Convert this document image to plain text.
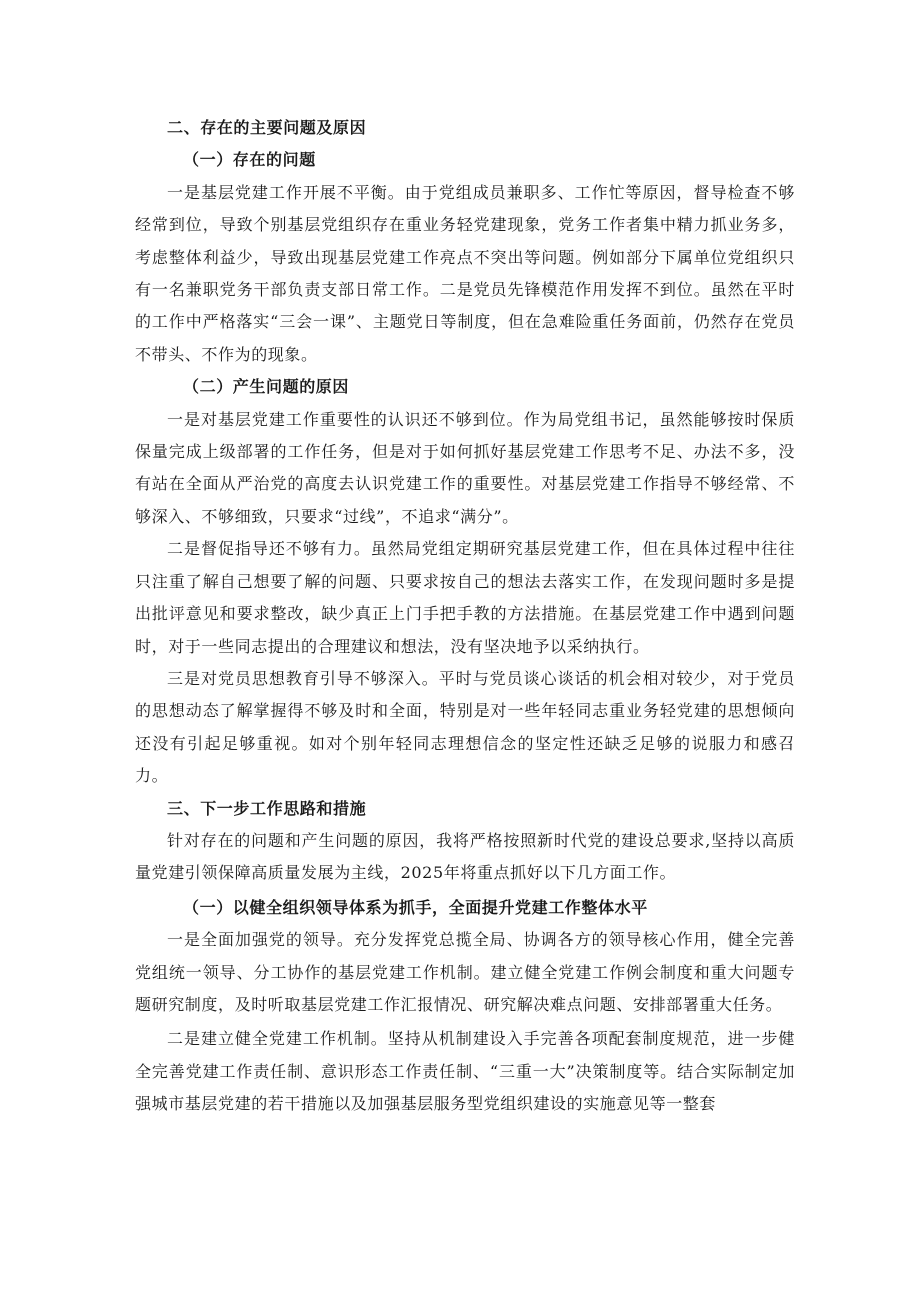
二、存在的主要问题及原因

（一）存在的问题

一是基层党建工作开展不平衡。由于党组成员兼职多、工作忙等原因，督导检查不够经常到位，导致个别基层党组织存在重业务轻党建现象，党务工作者集中精力抓业务多，考虑整体利益少，导致出现基层党建工作亮点不突出等问题。例如部分下属单位党组织只有一名兼职党务干部负责支部日常工作。二是党员先锋模范作用发挥不到位。虽然在平时的工作中严格落实“三会一课”、主题党日等制度，但在急难险重任务面前，仍然存在党员不带头、不作为的现象。

（二）产生问题的原因

一是对基层党建工作重要性的认识还不够到位。作为局党组书记，虽然能够按时保质保量完成上级部署的工作任务，但是对于如何抓好基层党建工作思考不足、办法不多，没有站在全面从严治党的高度去认识党建工作的重要性。对基层党建工作指导不够经常、不够深入、不够细致，只要求“过线”，不追求“满分”。

二是督促指导还不够有力。虽然局党组定期研究基层党建工作，但在具体过程中往往只注重了解自己想要了解的问题、只要求按自己的想法去落实工作，在发现问题时多是提出批评意见和要求整改，缺少真正上门手把手教的方法措施。在基层党建工作中遇到问题时，对于一些同志提出的合理建议和想法，没有坚决地予以采纳执行。

三是对党员思想教育引导不够深入。平时与党员谈心谈话的机会相对较少，对于党员的思想动态了解掌握得不够及时和全面，特别是对一些年轻同志重业务轻党建的思想倾向还没有引起足够重视。如对个别年轻同志理想信念的坚定性还缺乏足够的说服力和感召力。

三、下一步工作思路和措施

针对存在的问题和产生问题的原因，我将严格按照新时代党的建设总要求,坚持以高质量党建引领保障高质量发展为主线，2025年将重点抓好以下几方面工作。

（一）以健全组织领导体系为抓手，全面提升党建工作整体水平

一是全面加强党的领导。充分发挥党总揽全局、协调各方的领导核心作用，健全完善党组统一领导、分工协作的基层党建工作机制。建立健全党建工作例会制度和重大问题专题研究制度，及时听取基层党建工作汇报情况、研究解决难点问题、安排部署重大任务。

二是建立健全党建工作机制。坚持从机制建设入手完善各项配套制度规范，进一步健全完善党建工作责任制、意识形态工作责任制、“三重一大”决策制度等。结合实际制定加强城市基层党建的若干措施以及加强基层服务型党组织建设的实施意见等一整套
